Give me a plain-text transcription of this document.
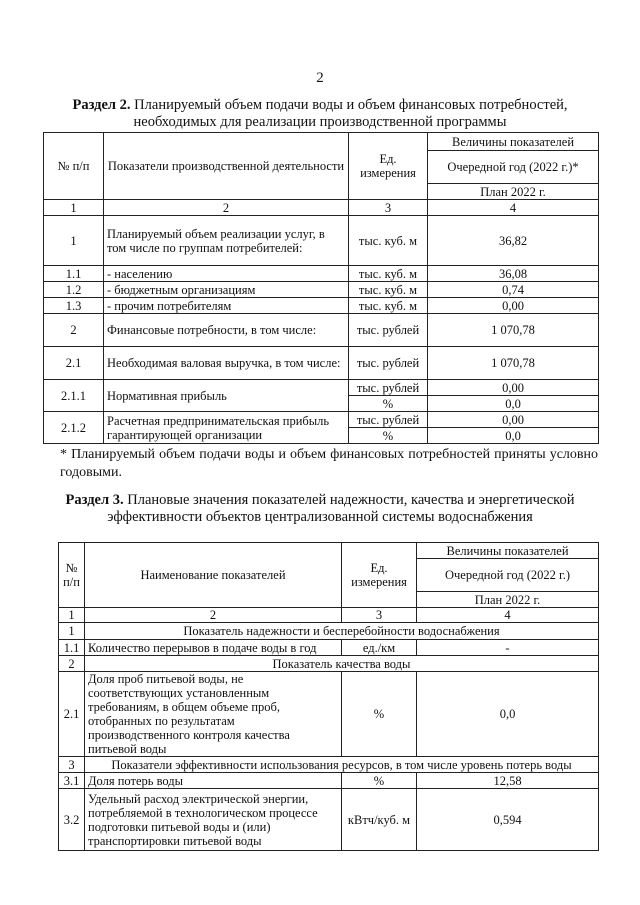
2
Раздел 2. Планируемый объем подачи воды и объем финансовых потребностей, необходимых для реализации производственной программы
№ п/п	Показатели производственной деятельности	Ед. измерения	Величины показателей
			Очередной год (2022 г.)*
			План 2022 г.
1	2	3	4
1	Планируемый объем реализации услуг, в том числе по группам потребителей:	тыс. куб. м	36,82
1.1	- населению	тыс. куб. м	36,08
1.2	- бюджетным организациям	тыс. куб. м	0,74
1.3	- прочим потребителям	тыс. куб. м	0,00
2	Финансовые потребности, в том числе:	тыс. рублей	1 070,78
2.1	Необходимая валовая выручка, в том числе:	тыс. рублей	1 070,78
2.1.1	Нормативная прибыль	тыс. рублей	0,00
		%	0,0
2.1.2	Расчетная предпринимательская прибыль гарантирующей организации	тыс. рублей	0,00
		%	0,0
* Планируемый объем подачи воды и объем финансовых потребностей приняты условно годовыми.
Раздел 3. Плановые значения показателей надежности, качества и энергетической эффективности объектов централизованной системы водоснабжения
№ п/п	Наименование показателей	Ед. измерения	Величины показателей
			Очередной год (2022 г.)
			План 2022 г.
1	2	3	4
1	Показатель надежности и бесперебойности водоснабжения		
1.1	Количество перерывов в подаче воды в год	ед./км	-
2	Показатель качества воды		
2.1	Доля проб питьевой воды, не соответствующих установленным требованиям, в общем объеме проб, отобранных по результатам производственного контроля качества питьевой воды	%	0,0
3	Показатели эффективности использования ресурсов, в том числе уровень потерь воды		
3.1	Доля потерь воды	%	12,58
3.2	Удельный расход электрической энергии, потребляемой в технологическом процессе подготовки питьевой воды и (или) транспортировки питьевой воды	кВтч/куб. м	0,594
